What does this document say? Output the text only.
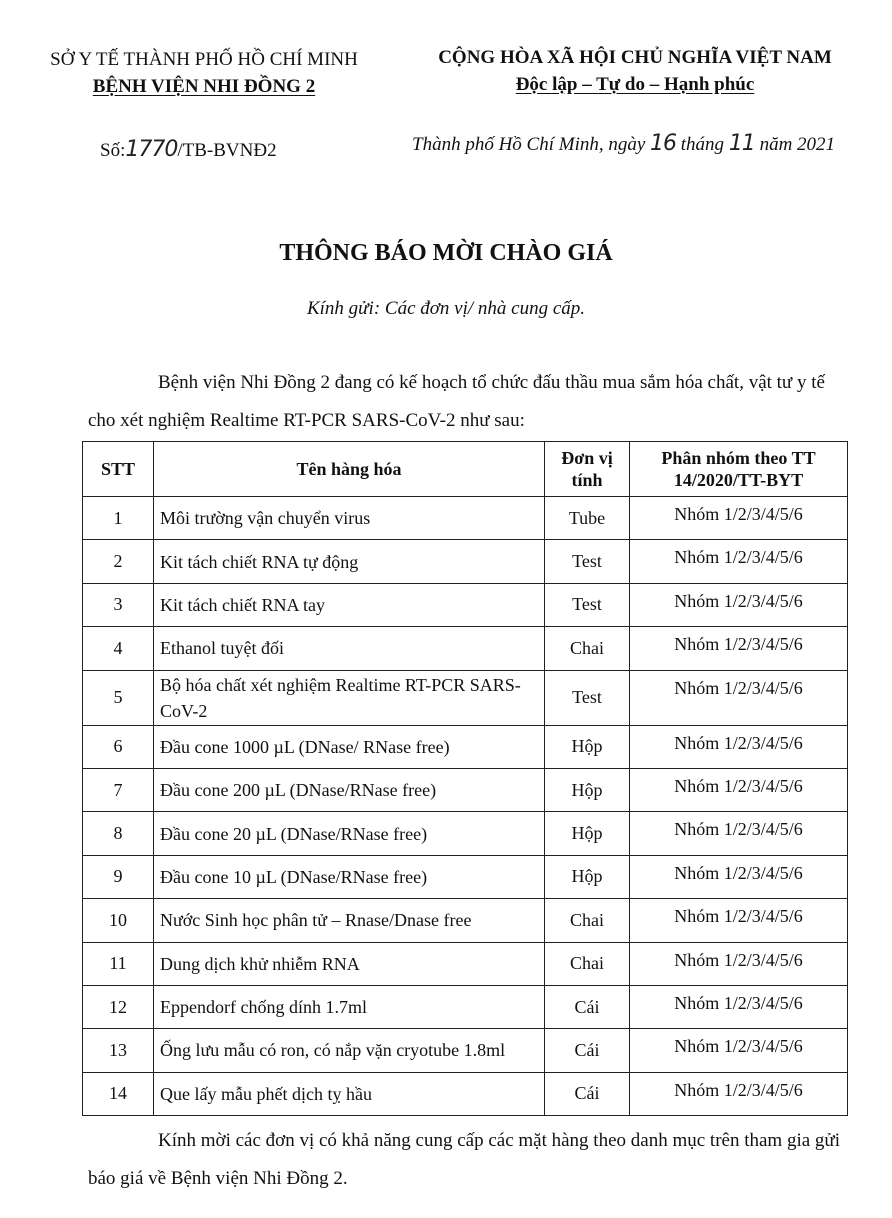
SỞ Y TẾ THÀNH PHỐ HỒ CHÍ MINH
BỆNH VIỆN NHI ĐỒNG 2
CỘNG HÒA XÃ HỘI CHỦ NGHĨA VIỆT NAM
Độc lập – Tự do – Hạnh phúc
Số:1770/TB-BVNĐ2	Thành phố Hồ Chí Minh, ngày 16 tháng 11 năm 2021
THÔNG BÁO MỜI CHÀO GIÁ
Kính gửi: Các đơn vị/ nhà cung cấp.
Bệnh viện Nhi Đồng 2 đang có kế hoạch tổ chức đấu thầu mua sắm hóa chất, vật tư y tế cho xét nghiệm Realtime RT-PCR SARS-CoV-2 như sau:
STT	Tên hàng hóa	Đơn vị tính	Phân nhóm theo TT 14/2020/TT-BYT
1	Môi trường vận chuyển virus	Tube	Nhóm 1/2/3/4/5/6
2	Kit tách chiết RNA tự động	Test	Nhóm 1/2/3/4/5/6
3	Kit tách chiết RNA tay	Test	Nhóm 1/2/3/4/5/6
4	Ethanol tuyệt đối	Chai	Nhóm 1/2/3/4/5/6
5	Bộ hóa chất xét nghiệm Realtime RT-PCR SARS-CoV-2	Test	Nhóm 1/2/3/4/5/6
6	Đầu cone 1000 µL (DNase/ RNase free)	Hộp	Nhóm 1/2/3/4/5/6
7	Đầu cone 200 µL (DNase/RNase free)	Hộp	Nhóm 1/2/3/4/5/6
8	Đầu cone 20 µL (DNase/RNase free)	Hộp	Nhóm 1/2/3/4/5/6
9	Đầu cone 10 µL (DNase/RNase free)	Hộp	Nhóm 1/2/3/4/5/6
10	Nước Sinh học phân tử – Rnase/Dnase free	Chai	Nhóm 1/2/3/4/5/6
11	Dung dịch khử nhiễm RNA	Chai	Nhóm 1/2/3/4/5/6
12	Eppendorf chống dính 1.7ml	Cái	Nhóm 1/2/3/4/5/6
13	Ống lưu mẫu có ron, có nắp vặn cryotube 1.8ml	Cái	Nhóm 1/2/3/4/5/6
14	Que lấy mẫu phết dịch tỵ hầu	Cái	Nhóm 1/2/3/4/5/6
Kính mời các đơn vị có khả năng cung cấp các mặt hàng theo danh mục trên tham gia gửi báo giá về Bệnh viện Nhi Đồng 2.
